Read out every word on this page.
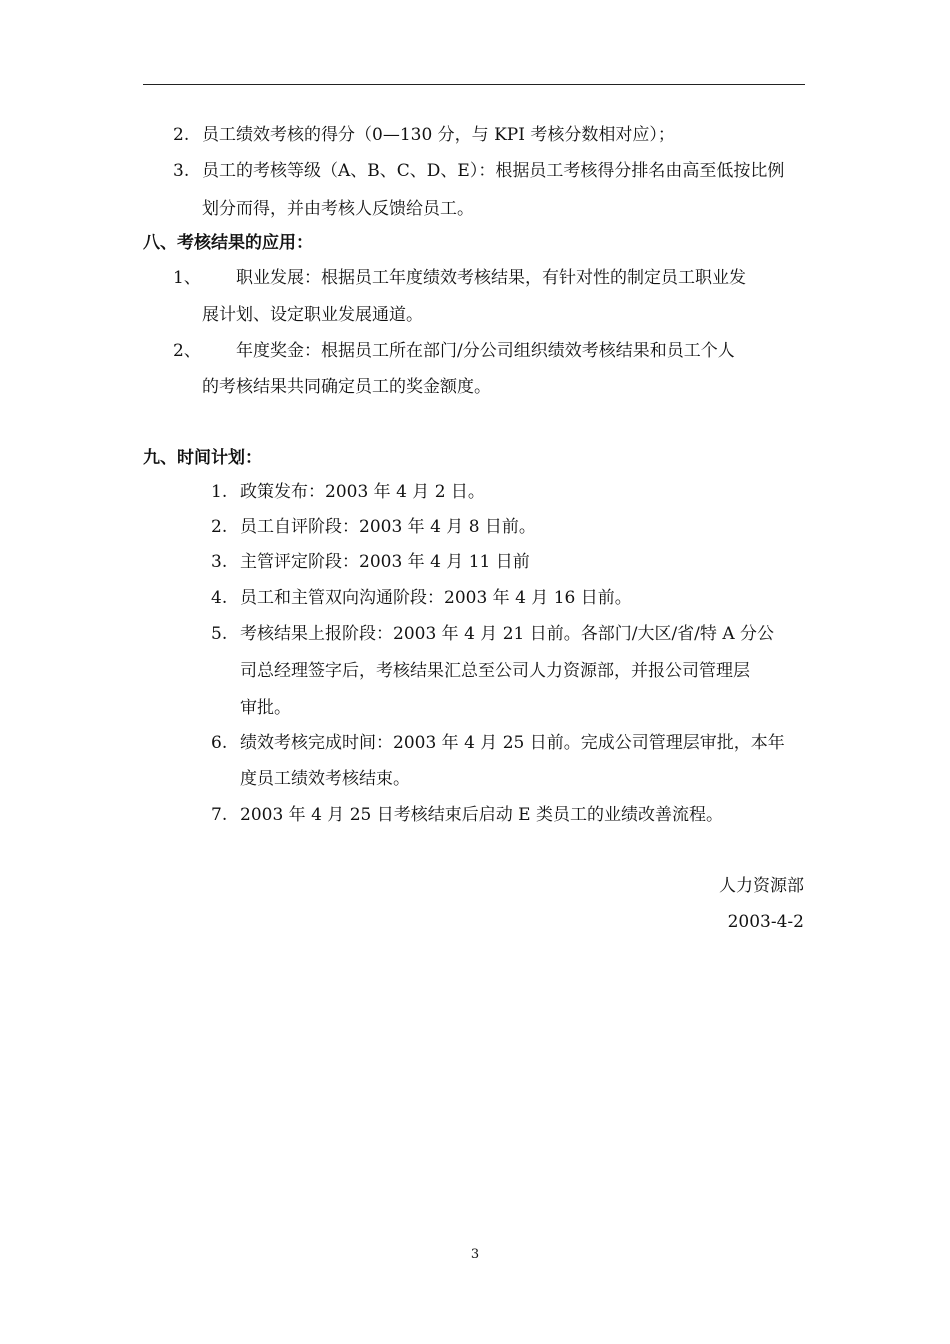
2. 员工绩效考核的得分（0—130 分，与 KPI 考核分数相对应）；
3. 员工的考核等级（A、B、C、D、E）：根据员工考核得分排名由高至低按比例
划分而得，并由考核人反馈给员工。
八、考核结果的应用：
1、 职业发展：根据员工年度绩效考核结果，有针对性的制定员工职业发
展计划、设定职业发展通道。
2、 年度奖金：根据员工所在部门/分公司组织绩效考核结果和员工个人
的考核结果共同确定员工的奖金额度。
九、时间计划：
1. 政策发布：2003 年 4 月 2 日。
2. 员工自评阶段：2003 年 4 月 8 日前。
3. 主管评定阶段：2003 年 4 月 11 日前
4. 员工和主管双向沟通阶段：2003 年 4 月 16 日前。
5. 考核结果上报阶段：2003 年 4 月 21 日前。各部门/大区/省/特 A 分公
司总经理签字后，考核结果汇总至公司人力资源部，并报公司管理层
审批。
6. 绩效考核完成时间：2003 年 4 月 25 日前。完成公司管理层审批，本年
度员工绩效考核结束。
7. 2003 年 4 月 25 日考核结束后启动 E 类员工的业绩改善流程。
人力资源部
2003-4-2
3
